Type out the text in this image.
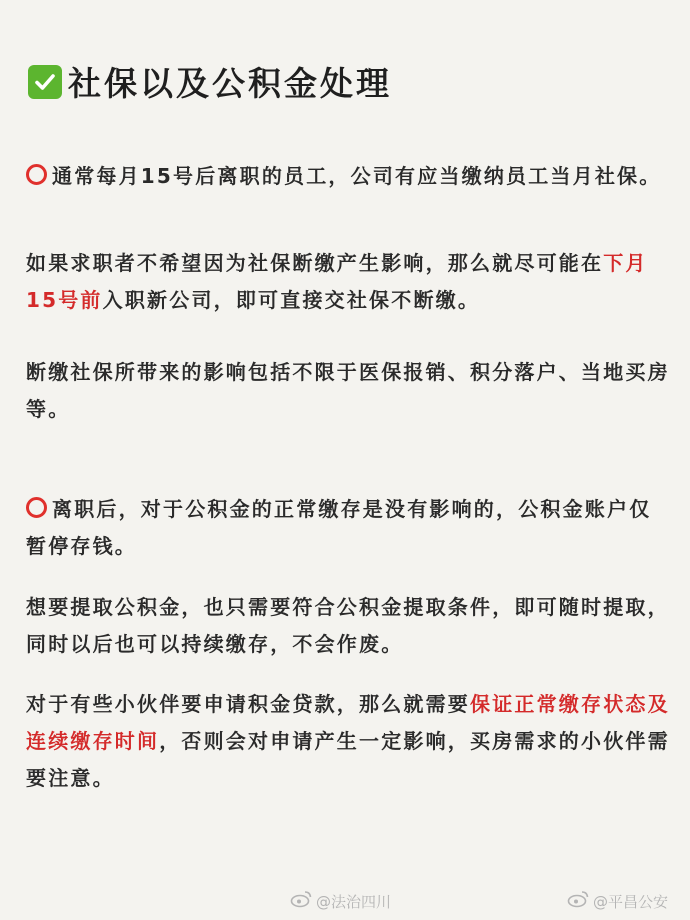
社保以及公积金处理

通常每月15号后离职的员工，公司有应当缴纳员工当月社保。

如果求职者不希望因为社保断缴产生影响，那么就尽可能在下月15号前入职新公司，即可直接交社保不断缴。

断缴社保所带来的影响包括不限于医保报销、积分落户、当地买房等。

离职后，对于公积金的正常缴存是没有影响的，公积金账户仅暂停存钱。

想要提取公积金，也只需要符合公积金提取条件，即可随时提取，同时以后也可以持续缴存，不会作废。

对于有些小伙伴要申请积金贷款，那么就需要保证正常缴存状态及连续缴存时间，否则会对申请产生一定影响，买房需求的小伙伴需要注意。

@法治四川	@平昌公安
